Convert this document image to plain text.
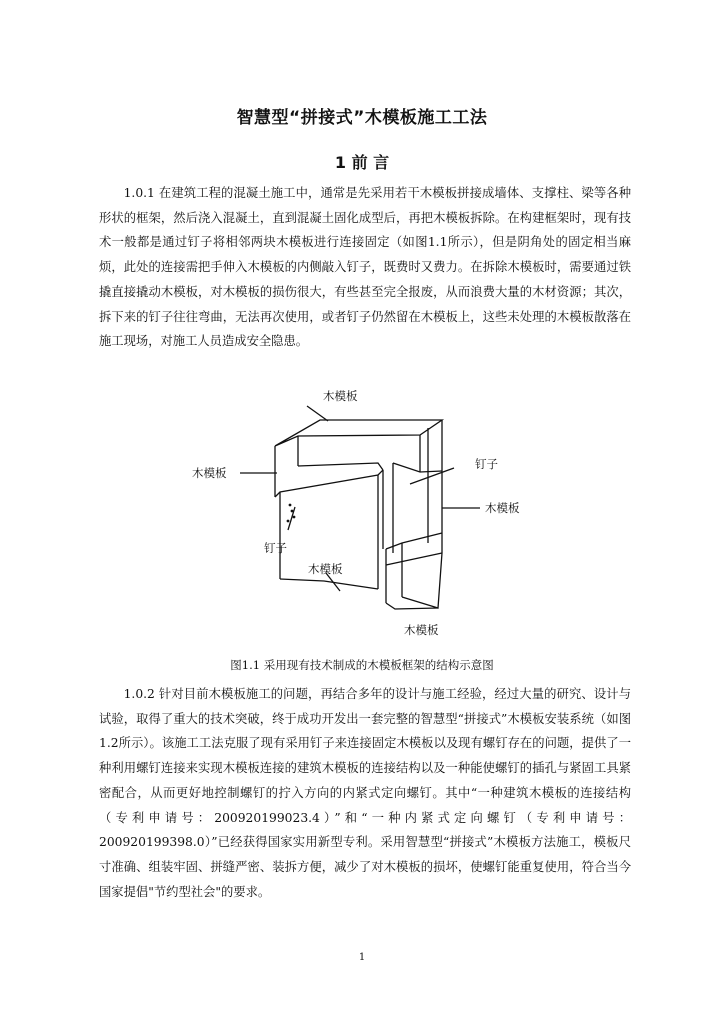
智慧型“拼接式”木模板施工工法
1 前 言

1.0.1 在建筑工程的混凝土施工中，通常是先采用若干木模板拼接成墙体、支撑柱、梁等各种形状的框架，然后浇入混凝土，直到混凝土固化成型后，再把木模板拆除。在构建框架时，现有技术一般都是通过钉子将相邻两块木模板进行连接固定（如图1.1所示），但是阴角处的固定相当麻烦，此处的连接需把手伸入木模板的内侧敲入钉子，既费时又费力。在拆除木模板时，需要通过铁撬直接撬动木模板，对木模板的损伤很大，有些甚至完全报废，从而浪费大量的木材资源；其次，拆下来的钉子往往弯曲，无法再次使用，或者钉子仍然留在木模板上，这些未处理的木模板散落在施工现场，对施工人员造成安全隐患。

木模板
木模板
钉子
木模板
钉子
木模板
木模板
图1.1 采用现有技术制成的木模板框架的结构示意图

1.0.2 针对目前木模板施工的问题，再结合多年的设计与施工经验，经过大量的研究、设计与试验，取得了重大的技术突破，终于成功开发出一套完整的智慧型“拼接式”木模板安装系统（如图1.2所示）。该施工工法克服了现有采用钉子来连接固定木模板以及现有螺钉存在的问题，提供了一种利用螺钉连接来实现木模板连接的建筑木模板的连接结构以及一种能使螺钉的插孔与紧固工具紧密配合，从而更好地控制螺钉的拧入方向的内紧式定向螺钉。其中“一种建筑木模板的连接结构（专利申请号：200920199023.4）”和“一种内紧式定向螺钉（专利申请号：200920199398.0）”已经获得国家实用新型专利。采用智慧型“拼接式”木模板方法施工，模板尺寸准确、组装牢固、拼缝严密、装拆方便，减少了对木模板的损坏，使螺钉能重复使用，符合当今国家提倡"节约型社会"的要求。

1
